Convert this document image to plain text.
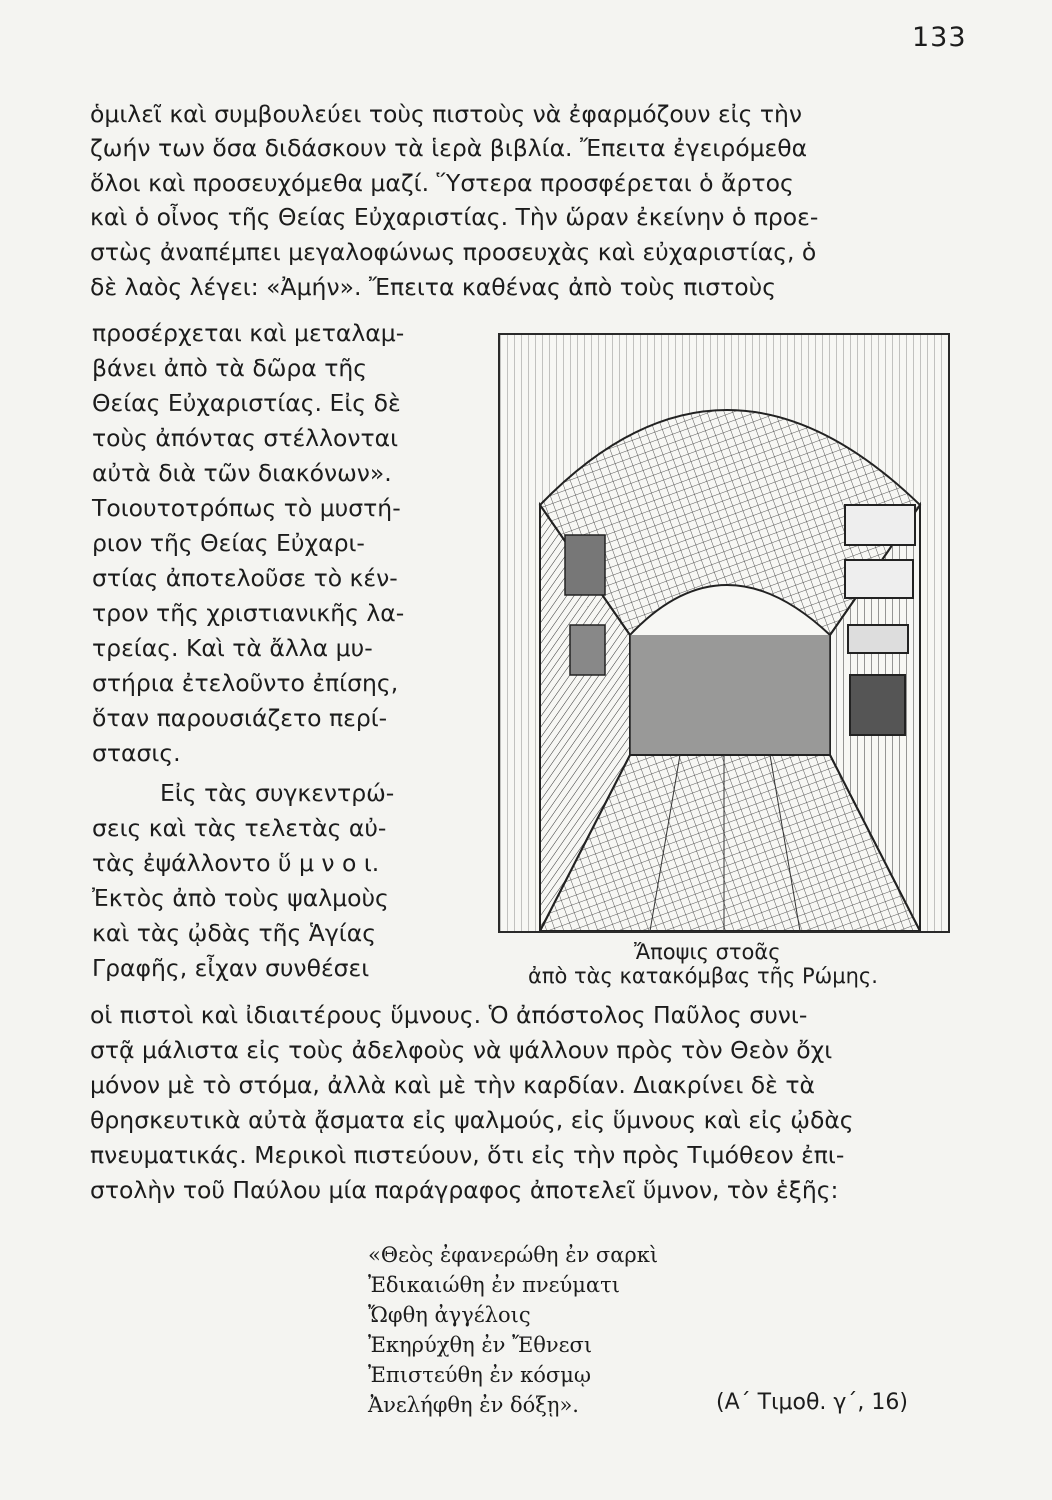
133
ὁμιλεῖ καὶ συμβουλεύει τοὺς πιστοὺς νὰ ἐφαρμόζουν εἰς τὴν
ζωήν των ὅσα διδάσκουν τὰ ἱερὰ βιβλία. Ἔπειτα ἐγειρόμεθα
ὅλοι καὶ προσευχόμεθα μαζί. Ὕστερα προσφέρεται ὁ ἄρτος
καὶ ὁ οἶνος τῆς Θείας Εὐχαριστίας. Τὴν ὥραν ἐκείνην ὁ προε-
στὼς ἀναπέμπει μεγαλοφώνως προσευχὰς καὶ εὐχαριστίας, ὁ
δὲ λαὸς λέγει: «Ἀμήν». Ἔπειτα καθένας ἀπὸ τοὺς πιστοὺς
προσέρχεται καὶ μεταλαμ-
βάνει ἀπὸ τὰ δῶρα τῆς
Θείας Εὐχαριστίας. Εἰς δὲ
τοὺς ἀπόντας στέλλονται
αὐτὰ διὰ τῶν διακόνων».
Τοιουτοτρόπως τὸ μυστή-
ριον τῆς Θείας Εὐχαρι-
στίας ἀποτελοῦσε τὸ κέν-
τρον τῆς χριστιανικῆς λα-
τρείας. Καὶ τὰ ἄλλα μυ-
στήρια ἐτελοῦντο ἐπίσης,
ὅταν παρουσιάζετο περί-
στασις.
Εἰς τὰς συγκεντρώ-
σεις καὶ τὰς τελετὰς αὐ-
τὰς ἐψάλλοντο ὕ μ ν ο ι.
Ἐκτὸς ἀπὸ τοὺς ψαλμοὺς
καὶ τὰς ᾠδὰς τῆς Ἁγίας
Γραφῆς, εἶχαν συνθέσει
Ἄποψις στοᾶς
ἀπὸ τὰς κατακόμβας τῆς Ρώμης.
οἱ πιστοὶ καὶ ἰδιαιτέρους ὕμνους. Ὁ ἀπόστολος Παῦλος συνι-
στᾷ μάλιστα εἰς τοὺς ἀδελφοὺς νὰ ψάλλουν πρὸς τὸν Θεὸν ὄχι
μόνον μὲ τὸ στόμα, ἀλλὰ καὶ μὲ τὴν καρδίαν. Διακρίνει δὲ τὰ
θρησκευτικὰ αὐτὰ ᾄσματα εἰς ψαλμούς, εἰς ὕμνους καὶ εἰς ᾠδὰς
πνευματικάς. Μερικοὶ πιστεύουν, ὅτι εἰς τὴν πρὸς Τιμόθεον ἐπι-
στολὴν τοῦ Παύλου μία παράγραφος ἀποτελεῖ ὕμνον, τὸν ἑξῆς:
«Θεὸς ἐφανερώθη ἐν σαρκὶ
Ἐδικαιώθη ἐν πνεύματι
Ὤφθη ἀγγέλοις
Ἐκηρύχθη ἐν Ἔθνεσι
Ἐπιστεύθη ἐν κόσμῳ
Ἀνελήφθη ἐν δόξῃ».	(Α΄ Τιμοθ. γ΄, 16)
